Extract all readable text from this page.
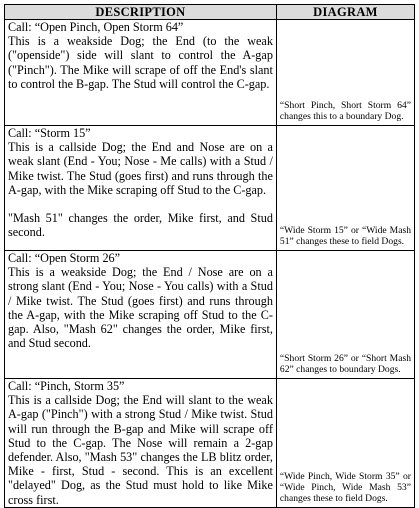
DESCRIPTION	DIAGRAM

Call: “Open Pinch, Open Storm 64”

This is a weakside Dog; the End (to the weak ("openside") side will slant to control the A-gap ("Pinch"). The Mike will scrape of off the End's slant to control the B-gap. The Stud will control the C-gap.	“Short Pinch, Short Storm 64” changes this to a boundary Dog.

Call: “Storm 15”

This is a callside Dog; the End and Nose are on a weak slant (End - You; Nose - Me calls) with a Stud / Mike twist. The Stud (goes first) and runs through the A-gap, with the Mike scraping off Stud to the C-gap.

"Mash 51" changes the order, Mike first, and Stud second.	“Wide Storm 15” or “Wide Mash 51” changes these to field Dogs.

Call: “Open Storm 26”

This is a weakside Dog; the End / Nose are on a strong slant (End - You; Nose - You calls) with a Stud / Mike twist. The Stud (goes first) and runs through the A-gap, with the Mike scraping off Stud to the C-gap. Also, "Mash 62" changes the order, Mike first, and Stud second.	“Short Storm 26” or “Short Mash 62” changes to boundary Dogs.

Call: “Pinch, Storm 35”

This is a callside Dog; the End will slant to the weak A-gap ("Pinch") with a strong Stud / Mike twist. Stud will run through the B-gap and Mike will scrape off Stud to the C-gap. The Nose will remain a 2-gap defender. Also, "Mash 53" changes the LB blitz order, Mike - first, Stud - second. This is an excellent "delayed" Dog, as the Stud must hold to like Mike cross first.	“Wide Pinch, Wide Storm 35” or “Wide Pinch, Wide Mash 53” changes these to field Dogs.
